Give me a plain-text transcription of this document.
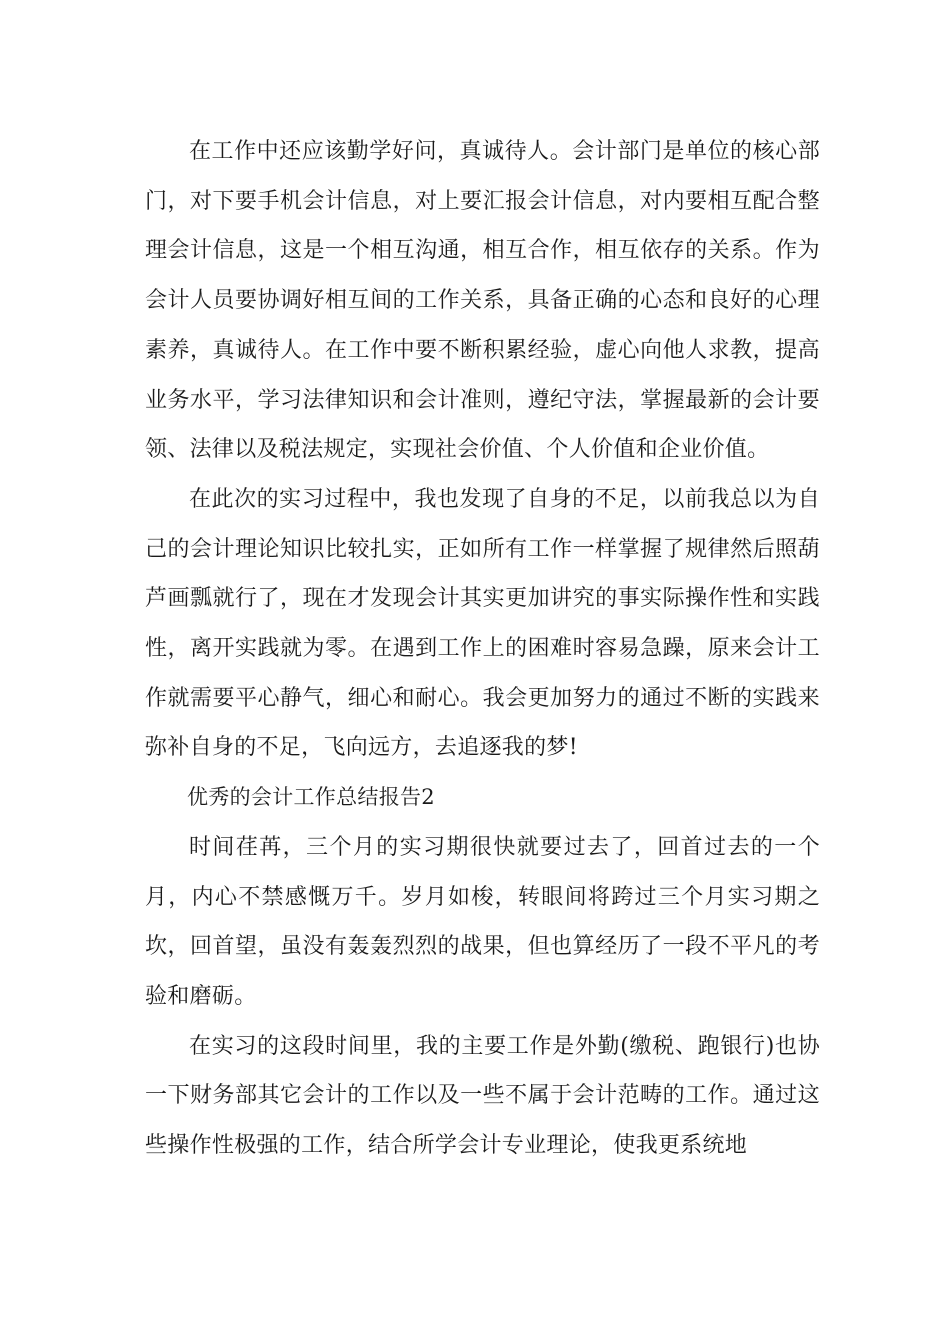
在工作中还应该勤学好问，真诚待人。会计部门是单位的核心部门，对下要手机会计信息，对上要汇报会计信息，对内要相互配合整理会计信息，这是一个相互沟通，相互合作，相互依存的关系。作为会计人员要协调好相互间的工作关系，具备正确的心态和良好的心理素养，真诚待人。在工作中要不断积累经验，虚心向他人求教，提高业务水平，学习法律知识和会计准则，遵纪守法，掌握最新的会计要领、法律以及税法规定，实现社会价值、个人价值和企业价值。

在此次的实习过程中，我也发现了自身的不足，以前我总以为自己的会计理论知识比较扎实，正如所有工作一样掌握了规律然后照葫芦画瓢就行了，现在才发现会计其实更加讲究的事实际操作性和实践性，离开实践就为零。在遇到工作上的困难时容易急躁，原来会计工作就需要平心静气，细心和耐心。我会更加努力的通过不断的实践来弥补自身的不足，飞向远方，去追逐我的梦!

优秀的会计工作总结报告2

时间荏苒，三个月的实习期很快就要过去了，回首过去的一个月，内心不禁感慨万千。岁月如梭，转眼间将跨过三个月实习期之坎，回首望，虽没有轰轰烈烈的战果，但也算经历了一段不平凡的考验和磨砺。

在实习的这段时间里，我的主要工作是外勤(缴税、跑银行)也协一下财务部其它会计的工作以及一些不属于会计范畴的工作。通过这些操作性极强的工作，结合所学会计专业理论，使我更系统地
